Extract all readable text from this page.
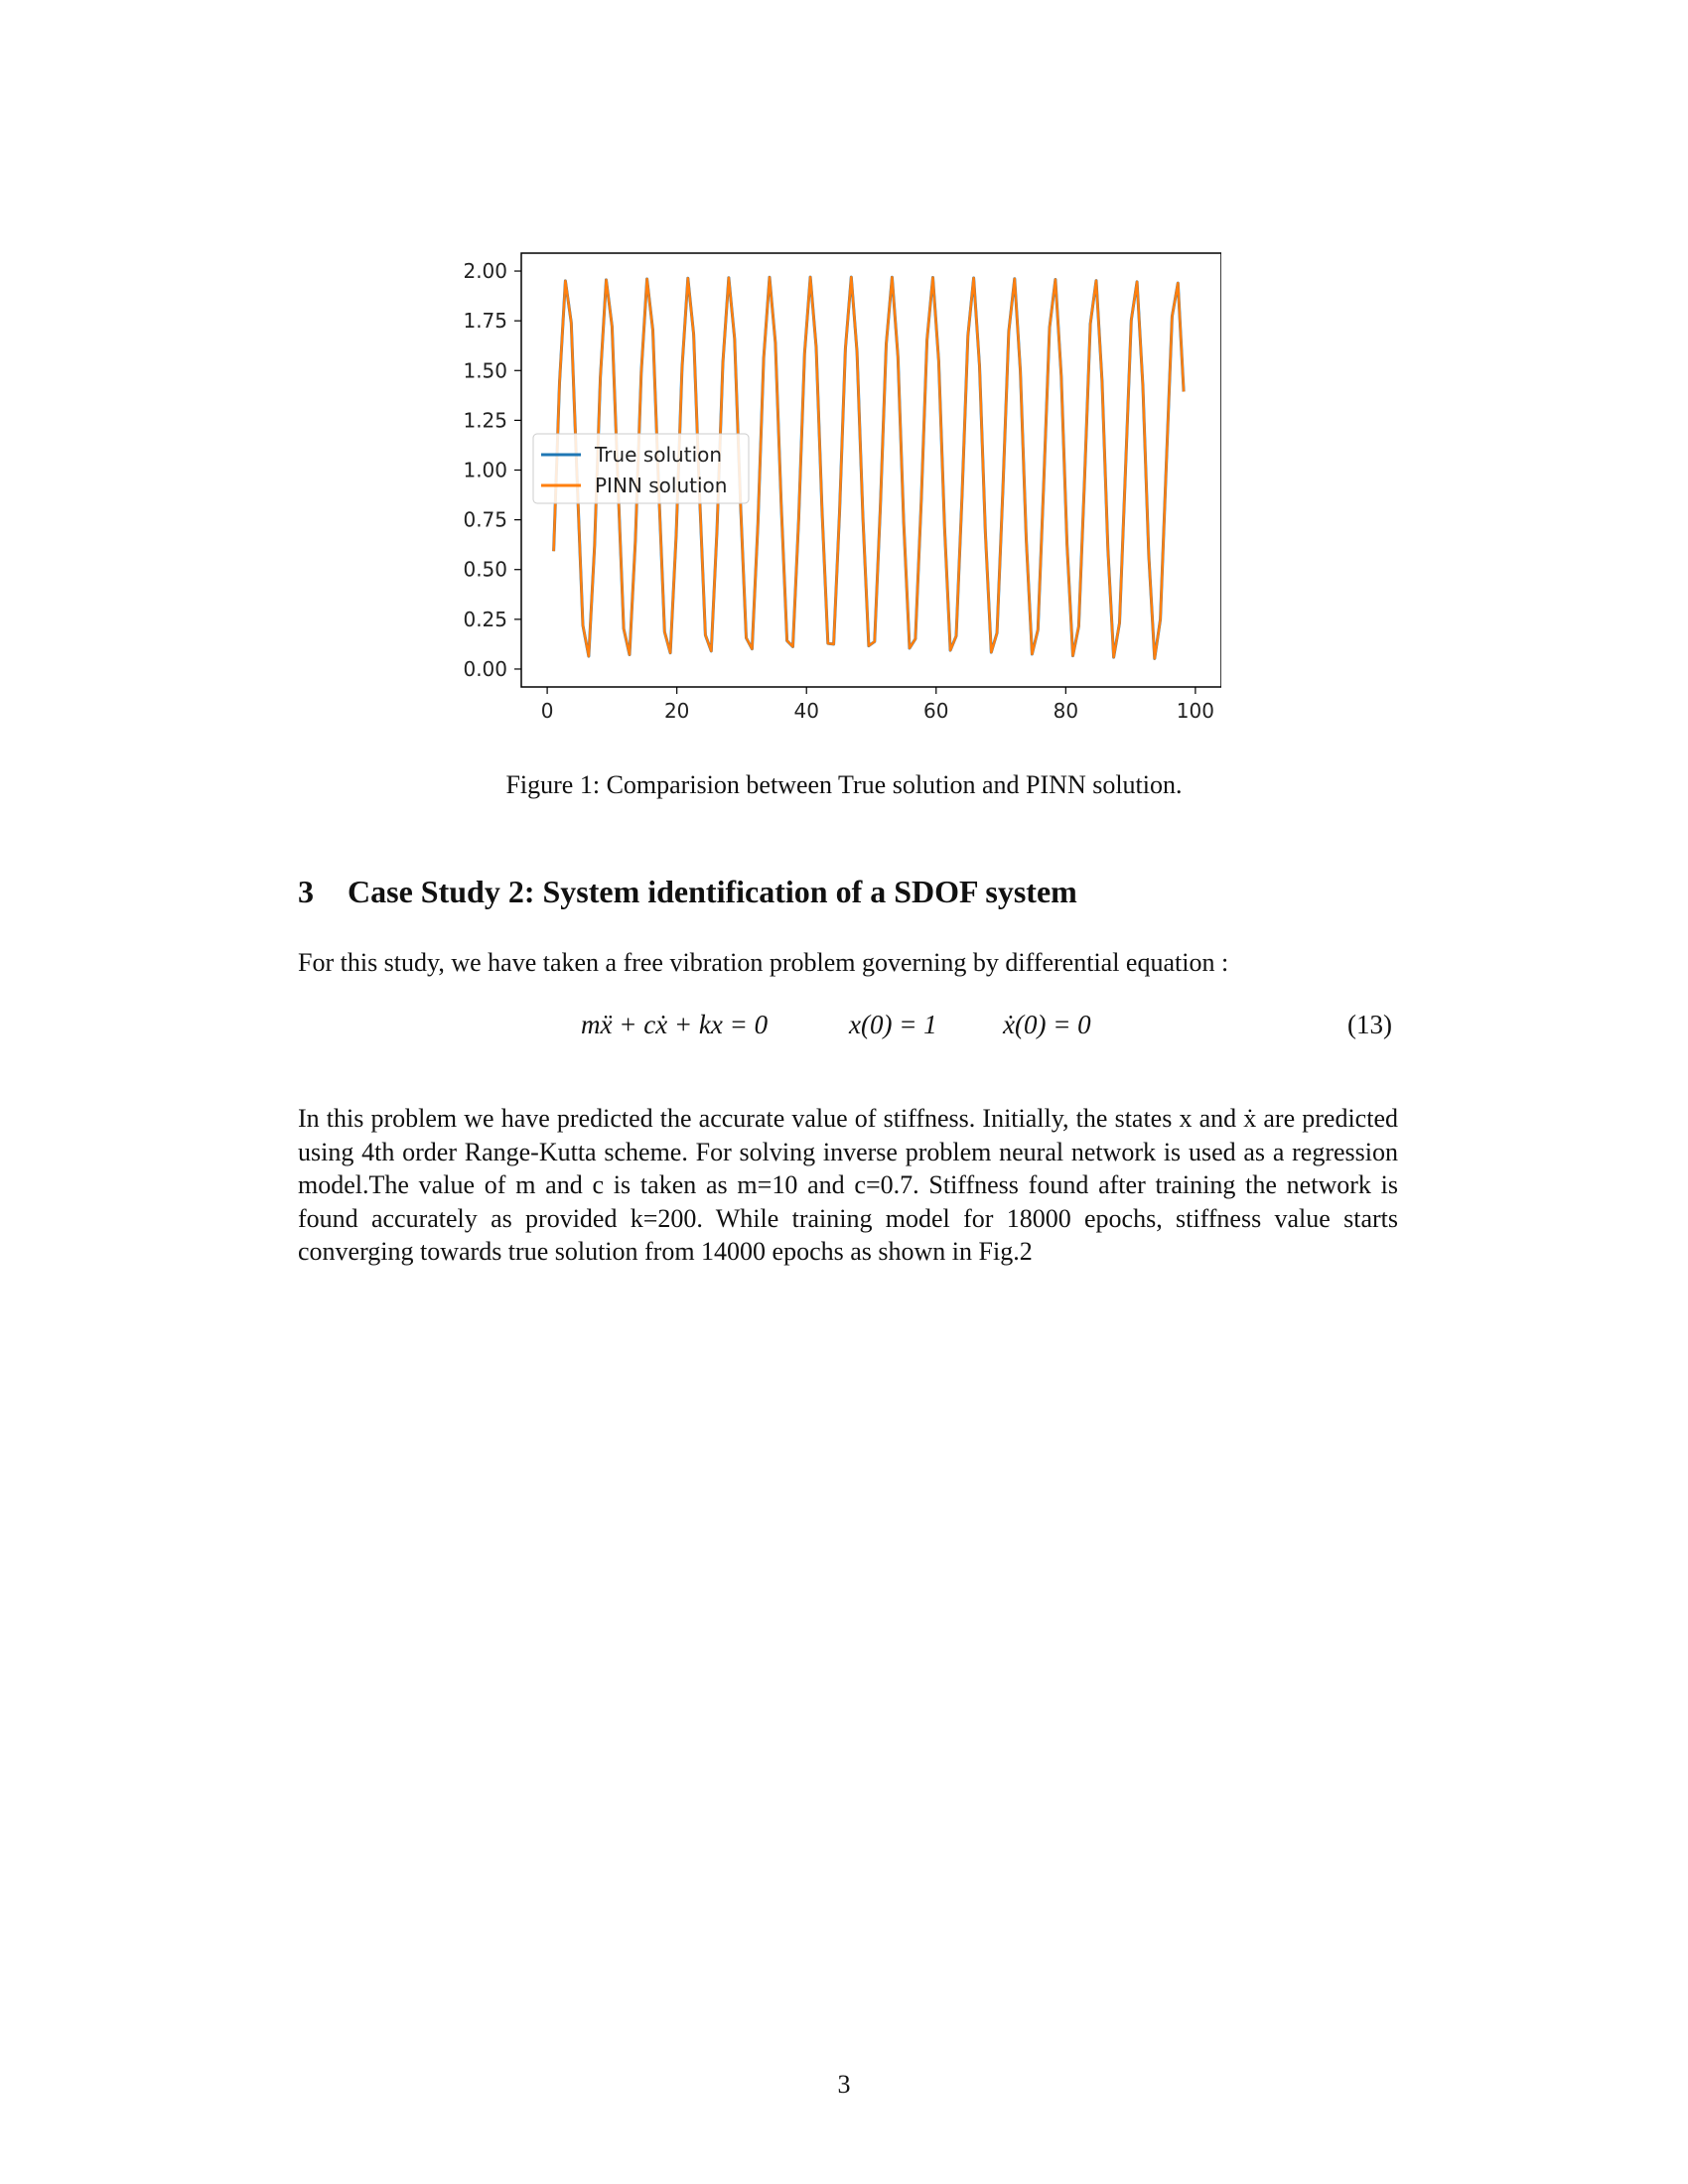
0.00
0.25
0.50
0.75
1.00
1.25
1.50
1.75
2.00
0	20	40	60	80	100
True solution
PINN solution
Figure 1: Comparision between True solution and PINN solution.
3 Case Study 2: System identification of a SDOF system
For this study, we have taken a free vibration problem governing by differential equation :
mẍ + cẋ + kx = 0	x(0) = 1 ẋ(0) = 0	(13)

In this problem we have predicted the accurate value of stiffness. Initially, the states x and ẋ are predicted using 4th order Range-Kutta scheme. For solving inverse problem neural network is used as a regression model.The value of m and c is taken as m=10 and c=0.7. Stiffness found after training the network is found accurately as provided k=200. While training model for 18000 epochs, stiffness value starts converging towards true solution from 14000 epochs as shown in Fig.2

3
